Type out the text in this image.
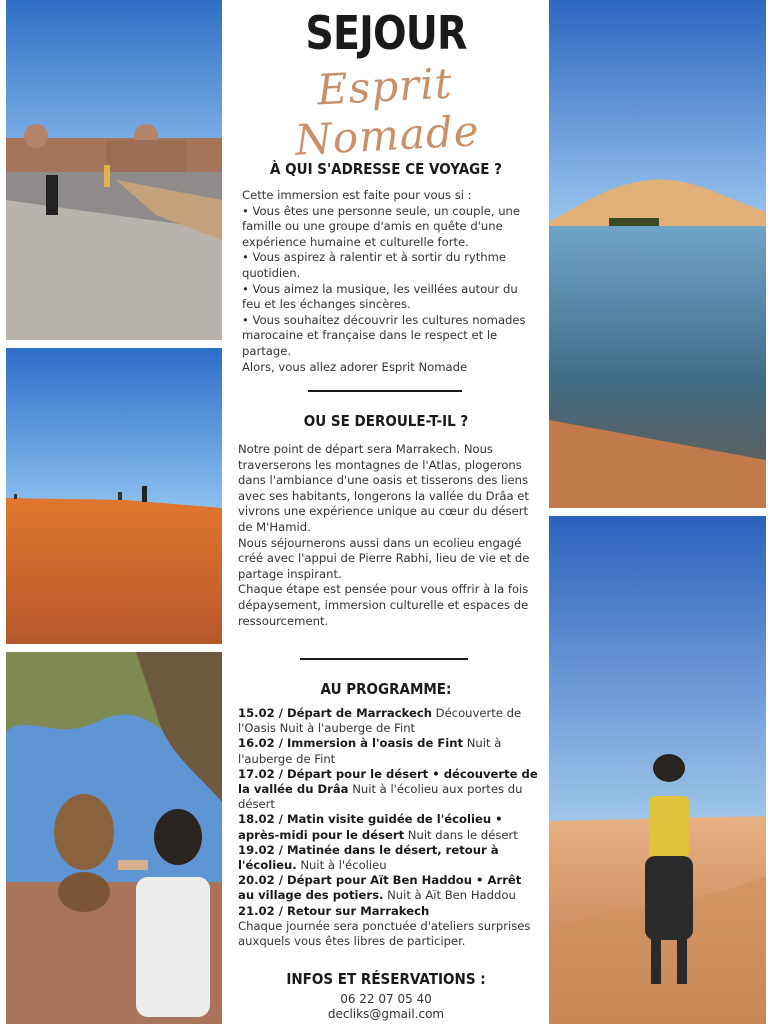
SEJOUR
Esprit Nomade
À QUI S'ADRESSE CE VOYAGE ?

Cette immersion est faite pour vous si :

• Vous êtes une personne seule, un couple, une famille ou une groupe d'amis en quête d'une expérience humaine et culturelle forte.

• Vous aspirez à ralentir et à sortir du rythme quotidien.

• Vous aimez la musique, les veillées autour du feu et les échanges sincères.

• Vous souhaitez découvrir les cultures nomades marocaine et française dans le respect et le partage.

Alors, vous allez adorer Esprit Nomade

OU SE DEROULE-T-IL ?

Notre point de départ sera Marrakech. Nous traverserons les montagnes de l'Atlas, plogerons dans l'ambiance d'une oasis et tisserons des liens avec ses habitants, longerons la vallée du Drâa et vivrons une expérience unique au cœur du désert de M'Hamid.

Nous séjournerons aussi dans un ecolieu engagé créé avec l'appui de Pierre Rabhi, lieu de vie et de partage inspirant.

Chaque étape est pensée pour vous offrir à la fois dépaysement, immersion culturelle et espaces de ressourcement.

AU PROGRAMME:

15.02 / Départ de Marrackech Découverte de l'Oasis Nuit à l'auberge de Fint

16.02 / Immersion à l'oasis de Fint Nuit à l'auberge de Fint

17.02 / Départ pour le désert • découverte de la vallée du Drâa Nuit à l'écolieu aux portes du désert

18.02 / Matin visite guidée de l'écolieu • après-midi pour le désert Nuit dans le désert

19.02 / Matinée dans le désert, retour à l'écolieu. Nuit à l'écolieu

20.02 / Départ pour Aït Ben Haddou • Arrêt au village des potiers. Nuit à Aït Ben Haddou

21.02 / Retour sur Marrakech

Chaque journée sera ponctuée d'ateliers surprises auxquels vous êtes libres de participer.

INFOS ET RÉSERVATIONS :
06 22 07 05 40
decliks@gmail.com
